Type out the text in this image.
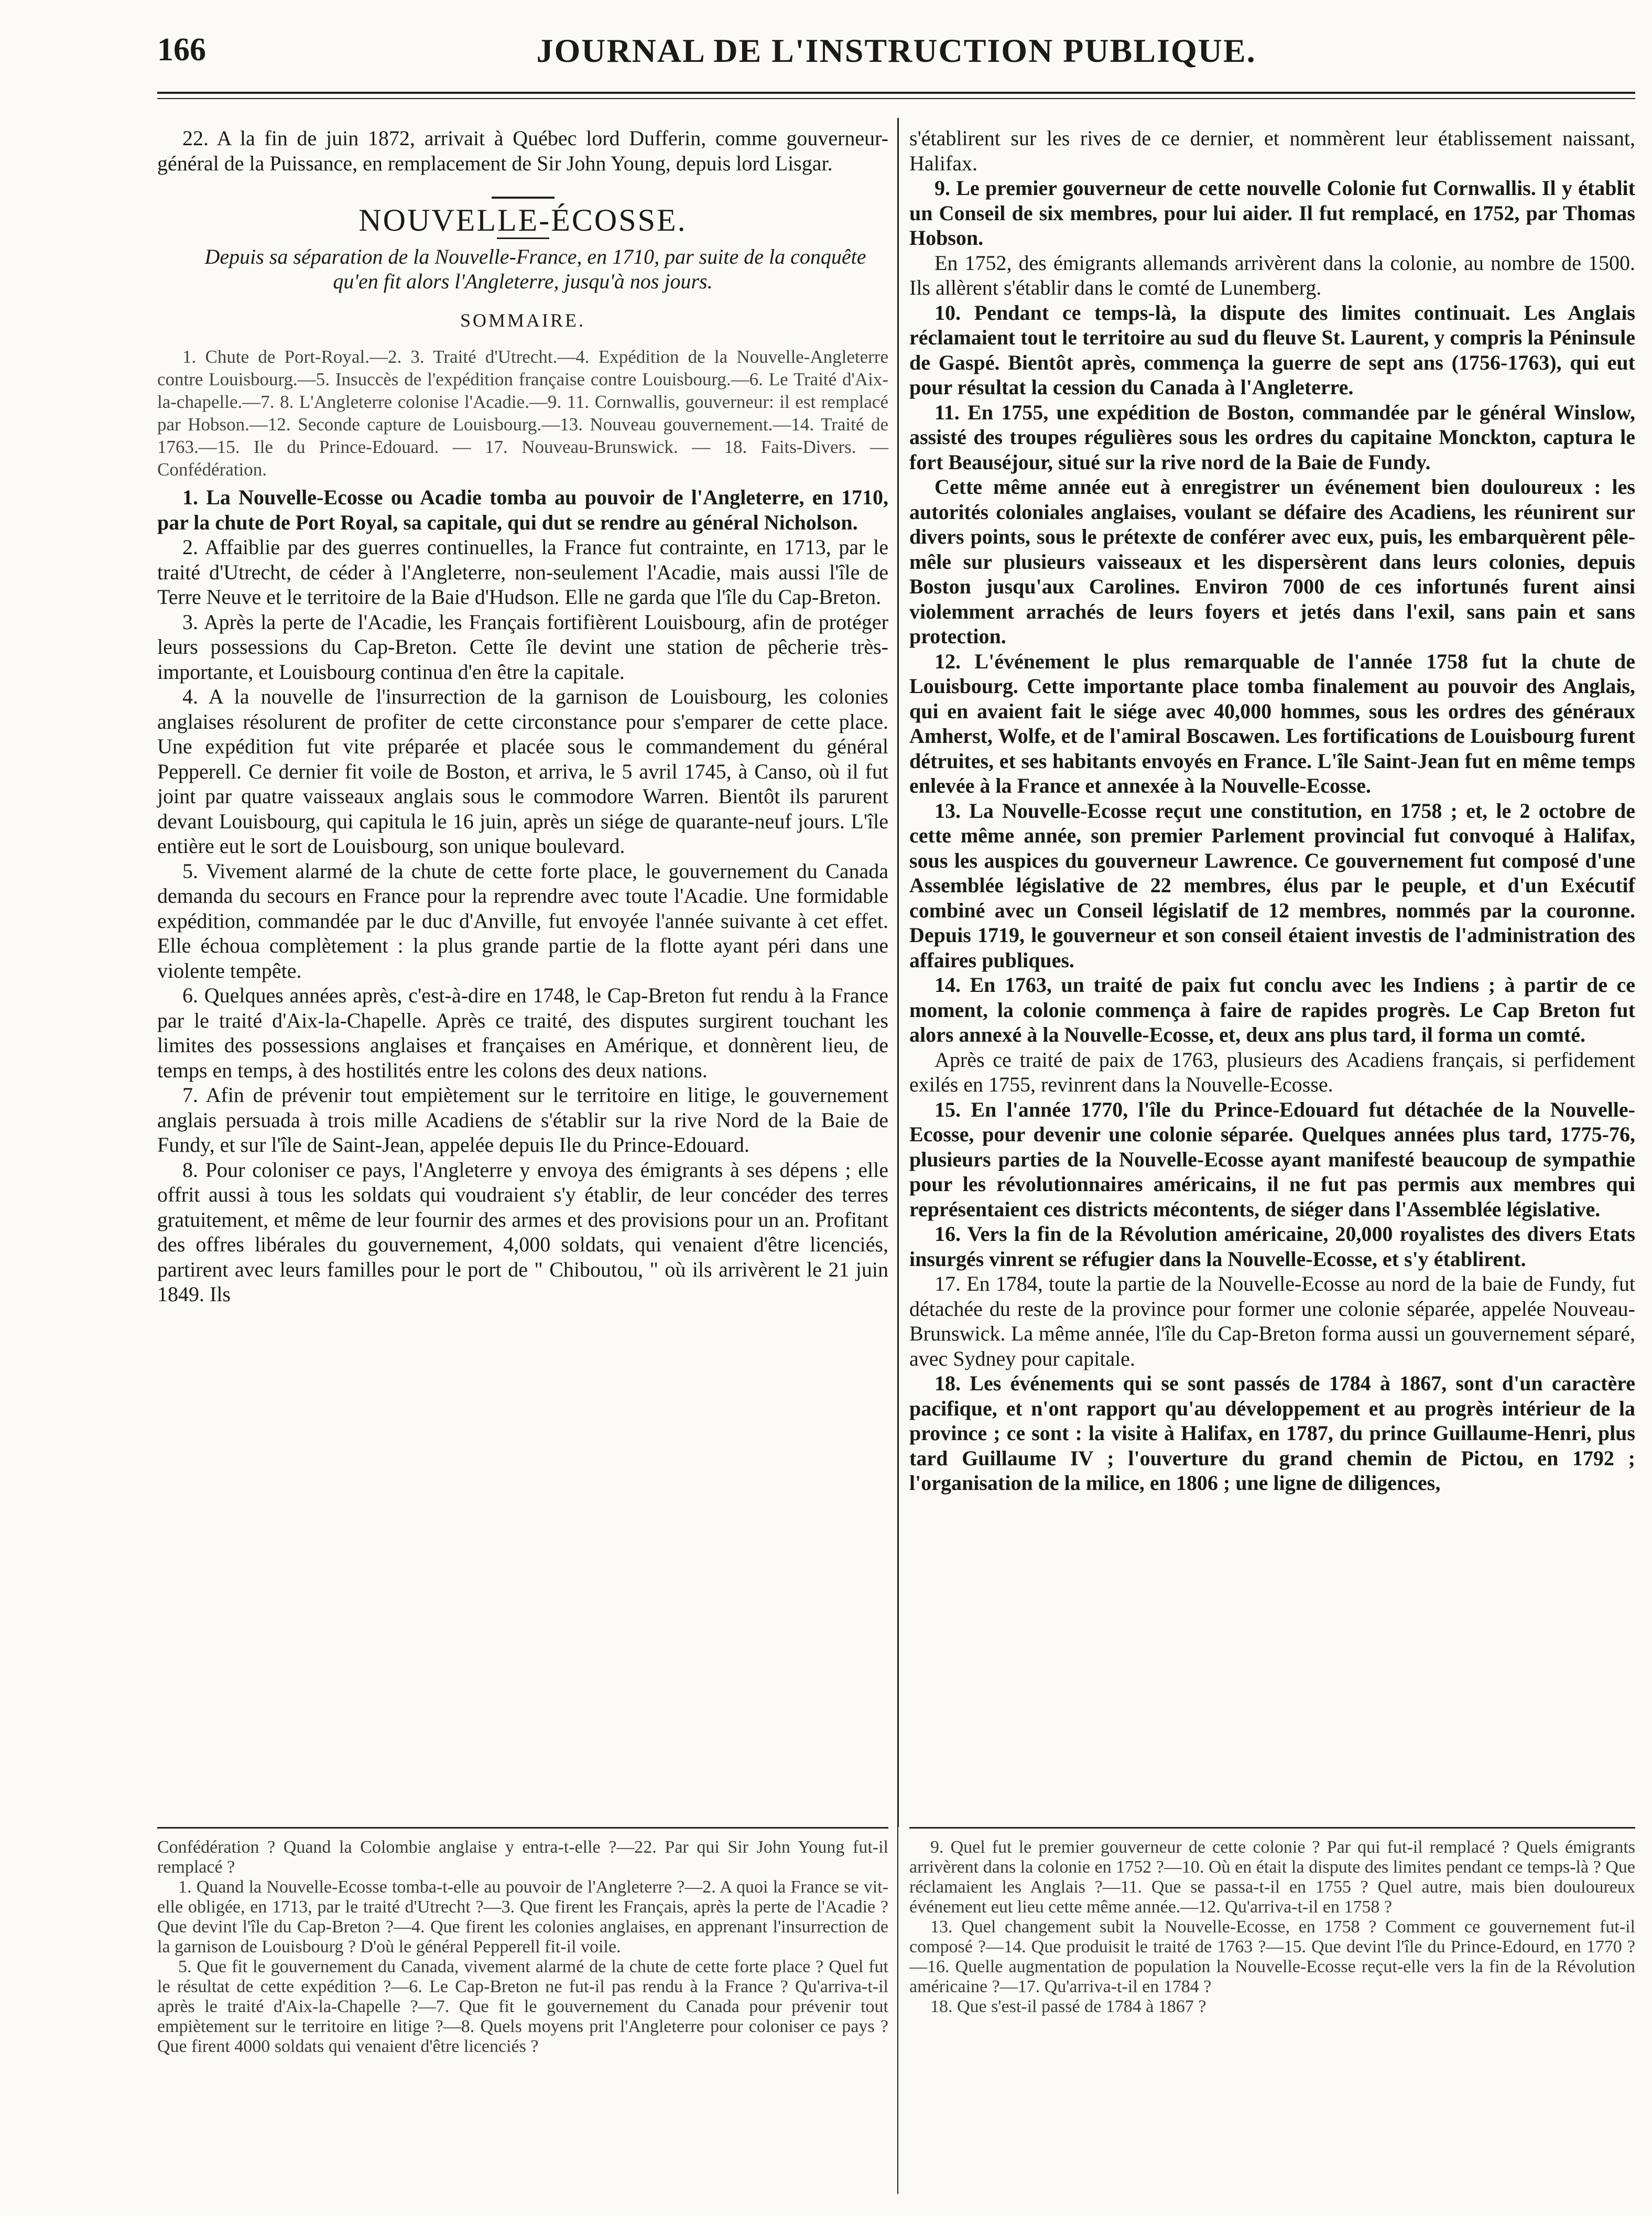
166	JOURNAL DE L'INSTRUCTION PUBLIQUE.

22. A la fin de juin 1872, arrivait à Québec lord Dufferin, comme gouverneur-général de la Puissance, en remplacement de Sir John Young, depuis lord Lisgar.

NOUVELLE-ÉCOSSE.

Depuis sa séparation de la Nouvelle-France, en 1710, par suite de la conquête qu'en fit alors l'Angleterre, jusqu'à nos jours.

SOMMAIRE.

1. Chute de Port-Royal.—2. 3. Traité d'Utrecht.—4. Expédition de la Nouvelle-Angleterre contre Louisbourg.—5. Insuccès de l'expédition française contre Louisbourg.—6. Le Traité d'Aix-la-chapelle.—7. 8. L'Angleterre colonise l'Acadie.—9. 11. Cornwallis, gouverneur: il est remplacé par Hobson.—12. Seconde capture de Louisbourg.—13. Nouveau gouvernement.—14. Traité de 1763.—15. Ile du Prince-Edouard. — 17. Nouveau-Brunswick. — 18. Faits-Divers. — Confédération.

1. La Nouvelle-Ecosse ou Acadie tomba au pouvoir de l'Angleterre, en 1710, par la chute de Port Royal, sa capitale, qui dut se rendre au général Nicholson.

2. Affaiblie par des guerres continuelles, la France fut contrainte, en 1713, par le traité d'Utrecht, de céder à l'Angleterre, non-seulement l'Acadie, mais aussi l'île de Terre Neuve et le territoire de la Baie d'Hudson. Elle ne garda que l'île du Cap-Breton.

3. Après la perte de l'Acadie, les Français fortifièrent Louisbourg, afin de protéger leurs possessions du Cap-Breton. Cette île devint une station de pêcherie très-importante, et Louisbourg continua d'en être la capitale.

4. A la nouvelle de l'insurrection de la garnison de Louisbourg, les colonies anglaises résolurent de profiter de cette circonstance pour s'emparer de cette place. Une expédition fut vite préparée et placée sous le commandement du général Pepperell. Ce dernier fit voile de Boston, et arriva, le 5 avril 1745, à Canso, où il fut joint par quatre vaisseaux anglais sous le commodore Warren. Bientôt ils parurent devant Louisbourg, qui capitula le 16 juin, après un siége de quarante-neuf jours. L'île entière eut le sort de Louisbourg, son unique boulevard.

5. Vivement alarmé de la chute de cette forte place, le gouvernement du Canada demanda du secours en France pour la reprendre avec toute l'Acadie. Une formidable expédition, commandée par le duc d'Anville, fut envoyée l'année suivante à cet effet. Elle échoua complètement : la plus grande partie de la flotte ayant péri dans une violente tempête.

6. Quelques années après, c'est-à-dire en 1748, le Cap-Breton fut rendu à la France par le traité d'Aix-la-Chapelle. Après ce traité, des disputes surgirent touchant les limites des possessions anglaises et françaises en Amérique, et donnèrent lieu, de temps en temps, à des hostilités entre les colons des deux nations.

7. Afin de prévenir tout empiètement sur le territoire en litige, le gouvernement anglais persuada à trois mille Acadiens de s'établir sur la rive Nord de la Baie de Fundy, et sur l'île de Saint-Jean, appelée depuis Ile du Prince-Edouard.

8. Pour coloniser ce pays, l'Angleterre y envoya des émigrants à ses dépens ; elle offrit aussi à tous les soldats qui voudraient s'y établir, de leur concéder des terres gratuitement, et même de leur fournir des armes et des provisions pour un an. Profitant des offres libérales du gouvernement, 4,000 soldats, qui venaient d'être licenciés, partirent avec leurs familles pour le port de " Chiboutou, " où ils arrivèrent le 21 juin 1849. Ils

s'établirent sur les rives de ce dernier, et nommèrent leur établissement naissant, Halifax.

9. Le premier gouverneur de cette nouvelle Colonie fut Cornwallis. Il y établit un Conseil de six membres, pour lui aider. Il fut remplacé, en 1752, par Thomas Hobson.

En 1752, des émigrants allemands arrivèrent dans la colonie, au nombre de 1500. Ils allèrent s'établir dans le comté de Lunemberg.

10. Pendant ce temps-là, la dispute des limites continuait. Les Anglais réclamaient tout le territoire au sud du fleuve St. Laurent, y compris la Péninsule de Gaspé. Bientôt après, commença la guerre de sept ans (1756-1763), qui eut pour résultat la cession du Canada à l'Angleterre.

11. En 1755, une expédition de Boston, commandée par le général Winslow, assisté des troupes régulières sous les ordres du capitaine Monckton, captura le fort Beauséjour, situé sur la rive nord de la Baie de Fundy.

Cette même année eut à enregistrer un événement bien douloureux : les autorités coloniales anglaises, voulant se défaire des Acadiens, les réunirent sur divers points, sous le prétexte de conférer avec eux, puis, les embarquèrent pêle-mêle sur plusieurs vaisseaux et les dispersèrent dans leurs colonies, depuis Boston jusqu'aux Carolines. Environ 7000 de ces infortunés furent ainsi violemment arrachés de leurs foyers et jetés dans l'exil, sans pain et sans protection.

12. L'événement le plus remarquable de l'année 1758 fut la chute de Louisbourg. Cette importante place tomba finalement au pouvoir des Anglais, qui en avaient fait le siége avec 40,000 hommes, sous les ordres des généraux Amherst, Wolfe, et de l'amiral Boscawen. Les fortifications de Louisbourg furent détruites, et ses habitants envoyés en France. L'île Saint-Jean fut en même temps enlevée à la France et annexée à la Nouvelle-Ecosse.

13. La Nouvelle-Ecosse reçut une constitution, en 1758 ; et, le 2 octobre de cette même année, son premier Parlement provincial fut convoqué à Halifax, sous les auspices du gouverneur Lawrence. Ce gouvernement fut composé d'une Assemblée législative de 22 membres, élus par le peuple, et d'un Exécutif combiné avec un Conseil législatif de 12 membres, nommés par la couronne. Depuis 1719, le gouverneur et son conseil étaient investis de l'administration des affaires publiques.

14. En 1763, un traité de paix fut conclu avec les Indiens ; à partir de ce moment, la colonie commença à faire de rapides progrès. Le Cap Breton fut alors annexé à la Nouvelle-Ecosse, et, deux ans plus tard, il forma un comté.

Après ce traité de paix de 1763, plusieurs des Acadiens français, si perfidement exilés en 1755, revinrent dans la Nouvelle-Ecosse.

15. En l'année 1770, l'île du Prince-Edouard fut détachée de la Nouvelle-Ecosse, pour devenir une colonie séparée. Quelques années plus tard, 1775-76, plusieurs parties de la Nouvelle-Ecosse ayant manifesté beaucoup de sympathie pour les révolutionnaires américains, il ne fut pas permis aux membres qui représentaient ces districts mécontents, de siéger dans l'Assemblée législative.

16. Vers la fin de la Révolution américaine, 20,000 royalistes des divers Etats insurgés vinrent se réfugier dans la Nouvelle-Ecosse, et s'y établirent.

17. En 1784, toute la partie de la Nouvelle-Ecosse au nord de la baie de Fundy, fut détachée du reste de la province pour former une colonie séparée, appelée Nouveau-Brunswick. La même année, l'île du Cap-Breton forma aussi un gouvernement séparé, avec Sydney pour capitale.

18. Les événements qui se sont passés de 1784 à 1867, sont d'un caractère pacifique, et n'ont rapport qu'au développement et au progrès intérieur de la province ; ce sont : la visite à Halifax, en 1787, du prince Guillaume-Henri, plus tard Guillaume IV ; l'ouverture du grand chemin de Pictou, en 1792 ; l'organisation de la milice, en 1806 ; une ligne de diligences,

Confédération ? Quand la Colombie anglaise y entra-t-elle ?—22. Par qui Sir John Young fut-il remplacé ?

1. Quand la Nouvelle-Ecosse tomba-t-elle au pouvoir de l'Angleterre ?—2. A quoi la France se vit-elle obligée, en 1713, par le traité d'Utrecht ?—3. Que firent les Français, après la perte de l'Acadie ? Que devint l'île du Cap-Breton ?—4. Que firent les colonies anglaises, en apprenant l'insurrection de la garnison de Louisbourg ? D'où le général Pepperell fit-il voile.

5. Que fit le gouvernement du Canada, vivement alarmé de la chute de cette forte place ? Quel fut le résultat de cette expédition ?—6. Le Cap-Breton ne fut-il pas rendu à la France ? Qu'arriva-t-il après le traité d'Aix-la-Chapelle ?—7. Que fit le gouvernement du Canada pour prévenir tout empiètement sur le territoire en litige ?—8. Quels moyens prit l'Angleterre pour coloniser ce pays ? Que firent 4000 soldats qui venaient d'être licenciés ?

9. Quel fut le premier gouverneur de cette colonie ? Par qui fut-il remplacé ? Quels émigrants arrivèrent dans la colonie en 1752 ?—10. Où en était la dispute des limites pendant ce temps-là ? Que réclamaient les Anglais ?—11. Que se passa-t-il en 1755 ? Quel autre, mais bien douloureux événement eut lieu cette même année.—12. Qu'arriva-t-il en 1758 ?

13. Quel changement subit la Nouvelle-Ecosse, en 1758 ? Comment ce gouvernement fut-il composé ?—14. Que produisit le traité de 1763 ?—15. Que devint l'île du Prince-Edourd, en 1770 ?—16. Quelle augmentation de population la Nouvelle-Ecosse reçut-elle vers la fin de la Révolution américaine ?—17. Qu'arriva-t-il en 1784 ?

18. Que s'est-il passé de 1784 à 1867 ?
